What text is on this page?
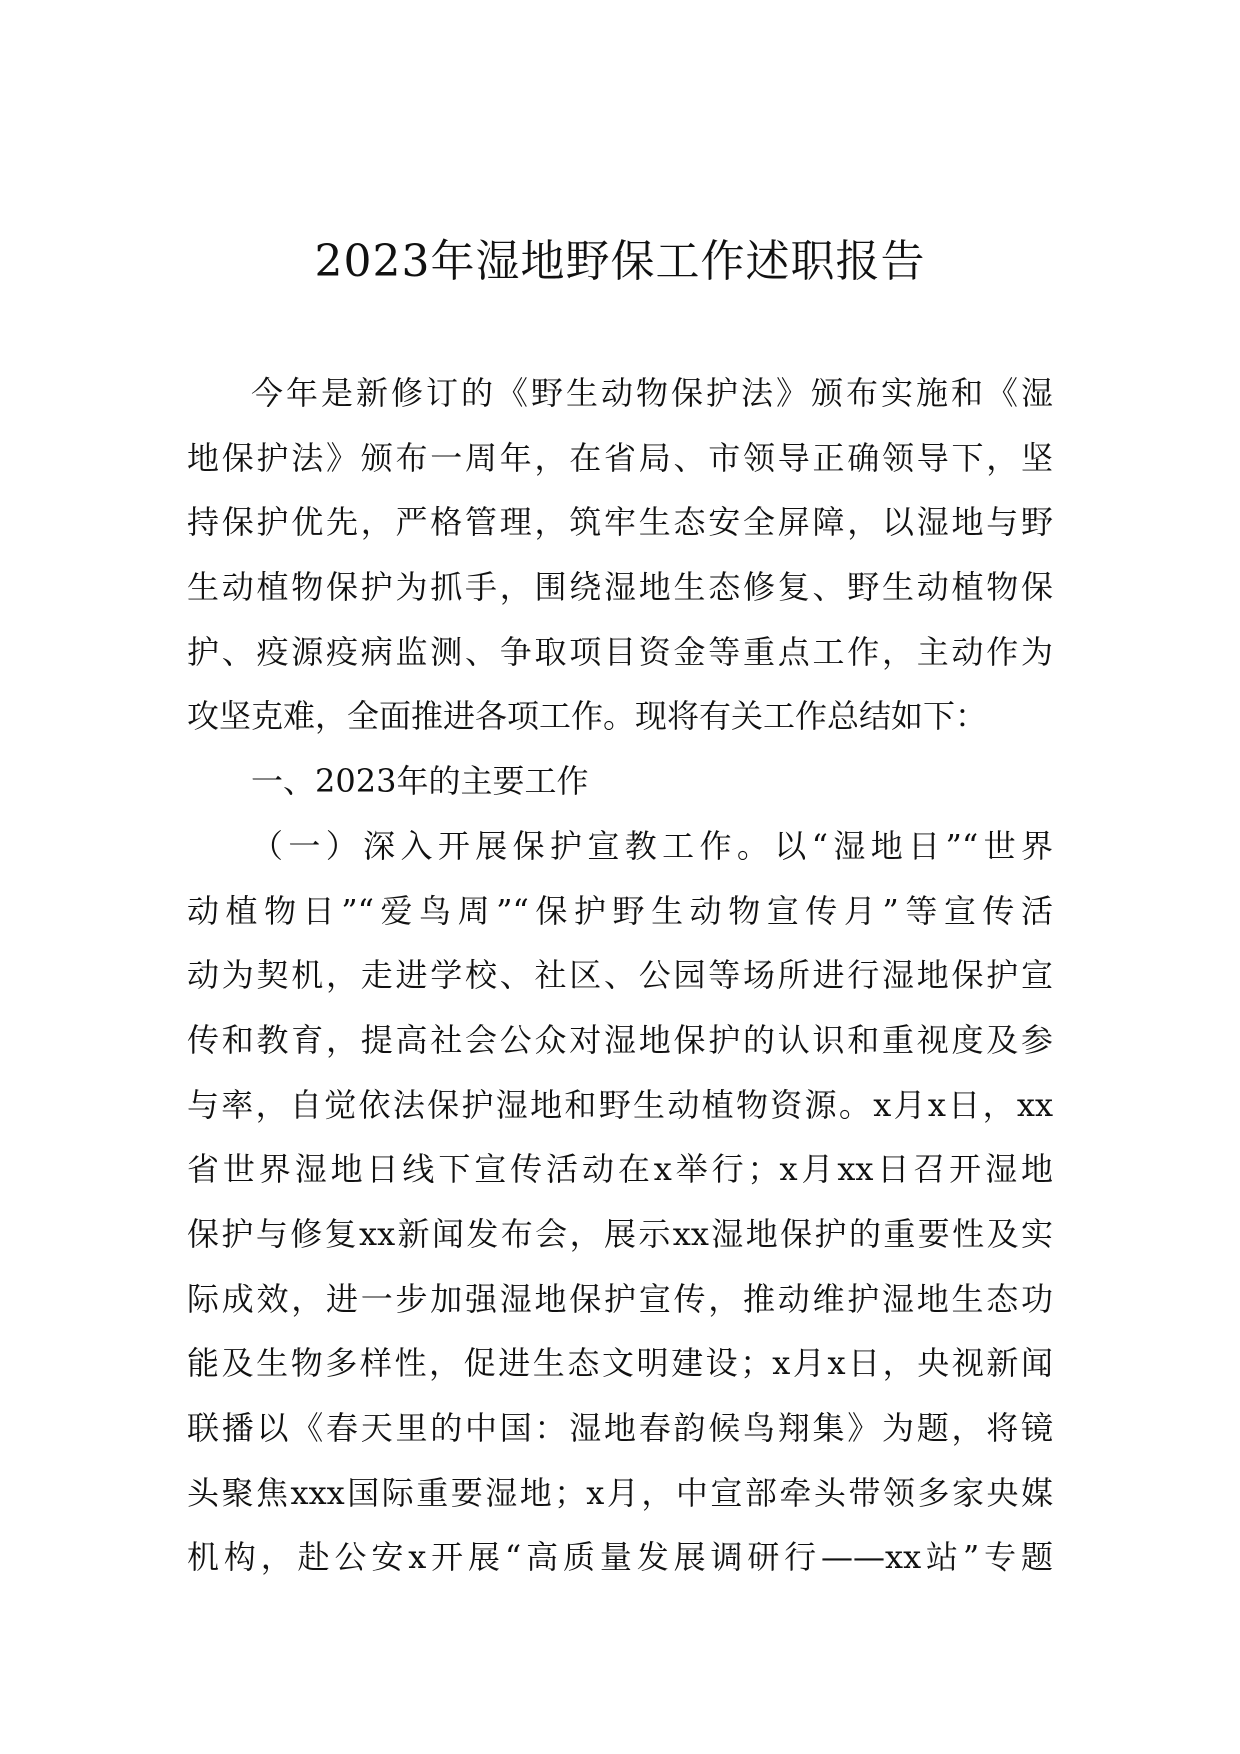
2023年湿地野保工作述职报告
今年是新修订的《野生动物保护法》颁布实施和《湿
地保护法》颁布一周年，在省局、市领导正确领导下，坚
持保护优先，严格管理，筑牢生态安全屏障，以湿地与野
生动植物保护为抓手，围绕湿地生态修复、野生动植物保
护、疫源疫病监测、争取项目资金等重点工作，主动作为
攻坚克难，全面推进各项工作。现将有关工作总结如下：
一、2023年的主要工作
（一）深入开展保护宣教工作。以“湿地日”“世界
动植物日”“爱鸟周”“保护野生动物宣传月”等宣传活
动为契机，走进学校、社区、公园等场所进行湿地保护宣
传和教育，提高社会公众对湿地保护的认识和重视度及参
与率，自觉依法保护湿地和野生动植物资源。x月x日，xx
省世界湿地日线下宣传活动在x举行；x月xx日召开湿地
保护与修复xx新闻发布会，展示xx湿地保护的重要性及实
际成效，进一步加强湿地保护宣传，推动维护湿地生态功
能及生物多样性，促进生态文明建设；x月x日，央视新闻
联播以《春天里的中国：湿地春韵候鸟翔集》为题，将镜
头聚焦xxx国际重要湿地；x月，中宣部牵头带领多家央媒
机构，赴公安x开展“高质量发展调研行——xx站”专题
